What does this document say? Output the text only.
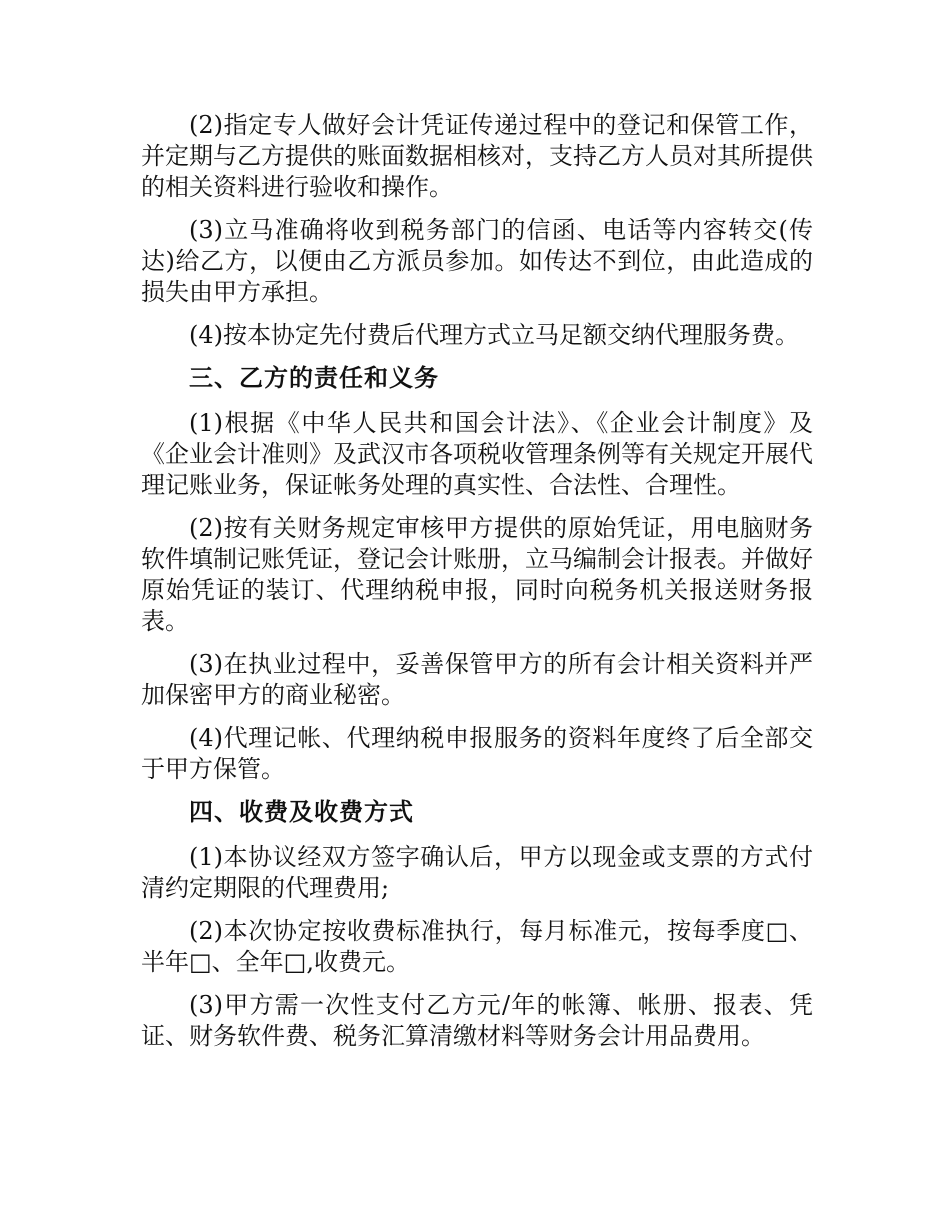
(2)指定专人做好会计凭证传递过程中的登记和保管工作，并定期与乙方提供的账面数据相核对，支持乙方人员对其所提供的相关资料进行验收和操作。

(3)立马准确将收到税务部门的信函、电话等内容转交(传达)给乙方，以便由乙方派员参加。如传达不到位，由此造成的损失由甲方承担。

(4)按本协定先付费后代理方式立马足额交纳代理服务费。

三、乙方的责任和义务

(1)根据《中华人民共和国会计法》、《企业会计制度》及《企业会计准则》及武汉市各项税收管理条例等有关规定开展代理记账业务，保证帐务处理的真实性、合法性、合理性。

(2)按有关财务规定审核甲方提供的原始凭证，用电脑财务软件填制记账凭证，登记会计账册，立马编制会计报表。并做好原始凭证的装订、代理纳税申报，同时向税务机关报送财务报表。

(3)在执业过程中，妥善保管甲方的所有会计相关资料并严加保密甲方的商业秘密。

(4)代理记帐、代理纳税申报服务的资料年度终了后全部交于甲方保管。

四、收费及收费方式

(1)本协议经双方签字确认后，甲方以现金或支票的方式付清约定期限的代理费用;

(2)本次协定按收费标准执行，每月标准元，按每季度□、半年□、全年□,收费元。

(3)甲方需一次性支付乙方元/年的帐簿、帐册、报表、凭证、财务软件费、税务汇算清缴材料等财务会计用品费用。
